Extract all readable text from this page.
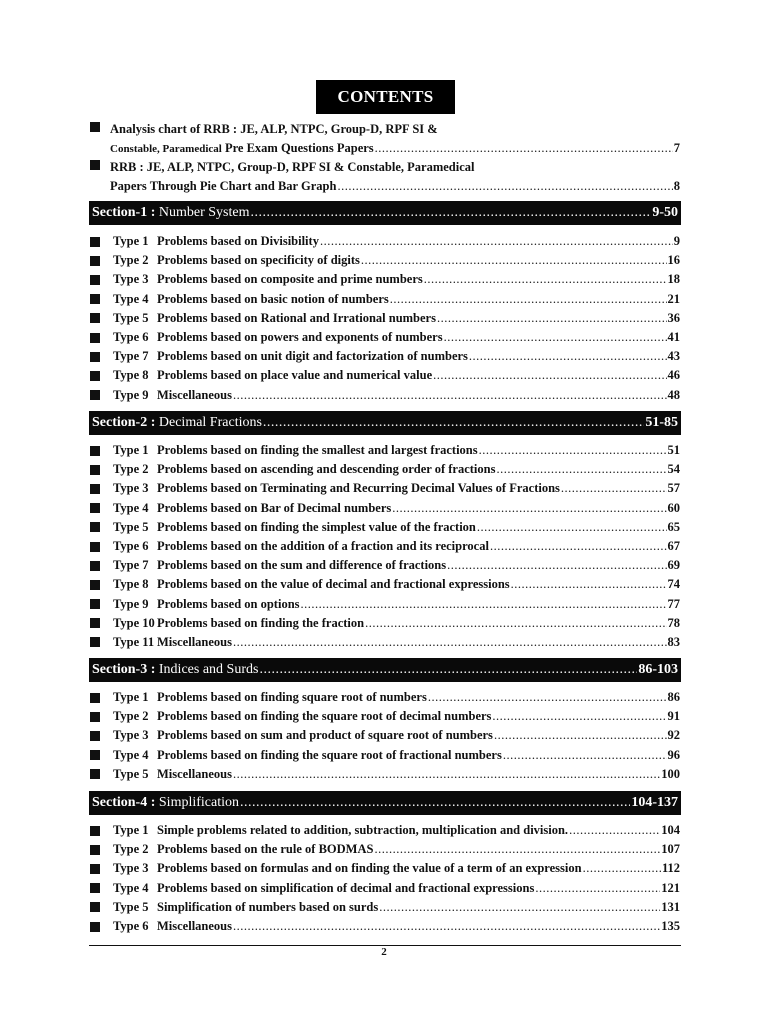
CONTENTS
Analysis chart of RRB : JE, ALP, NTPC, Group-D, RPF SI &
Constable, Paramedical
Pre Exam Questions Papers .....	7
RRB : JE, ALP, NTPC, Group-D, RPF SI & Constable, Paramedical
Papers Through Pie Chart and Bar Graph .....	8
Section-1 :
Number System .....	9-50
Type 1 Problems based on Divisibility .....	9
Type 2 Problems based on specificity of digits .....	16
Type 3 Problems based on composite and prime numbers .....	18
Type 4 Problems based on basic notion of numbers .....	21
Type 5 Problems based on Rational and Irrational numbers .....	36
Type 6 Problems based on powers and exponents of numbers .....	41
Type 7 Problems based on unit digit and factorization of numbers .....	43
Type 8 Problems based on place value and numerical value .....	46
Type 9 Miscellaneous .....	48
Section-2 :
Decimal Fractions .....	51-85
Type 1 Problems based on finding the smallest and largest fractions .....	51
Type 2 Problems based on ascending and descending order of fractions .....	54
Type 3 Problems based on Terminating and Recurring Decimal Values of Fractions .....	57
Type 4 Problems based on Bar of Decimal numbers .....	60
Type 5 Problems based on finding the simplest value of the fraction .....	65
Type 6 Problems based on the addition of a fraction and its reciprocal .....	67
Type 7 Problems based on the sum and difference of fractions .....	69
Type 8 Problems based on the value of decimal and fractional expressions .....	74
Type 9 Problems based on options .....	77
Type 10 Problems based on finding the fraction .....	78
Type 11 Miscellaneous .....	83
Section-3 :
Indices and Surds .....	86-103
Type 1 Problems based on finding square root of numbers .....	86
Type 2 Problems based on finding the square root of decimal numbers .....	91
Type 3 Problems based on sum and product of square root of numbers .....	92
Type 4 Problems based on finding the square root of fractional numbers .....	96
Type 5 Miscellaneous .....	100
Section-4 :
Simplification .....	104-137
Type 1 Simple problems related to addition, subtraction, multiplication and division. .....	104
Type 2 Problems based on the rule of BODMAS .....	107
Type 3 Problems based on formulas and on finding the value of a term of an expression .....	112
Type 4 Problems based on simplification of decimal and fractional expressions .....	121
Type 5 Simplification of numbers based on surds .....	131
Type 6 Miscellaneous .....	135
2
